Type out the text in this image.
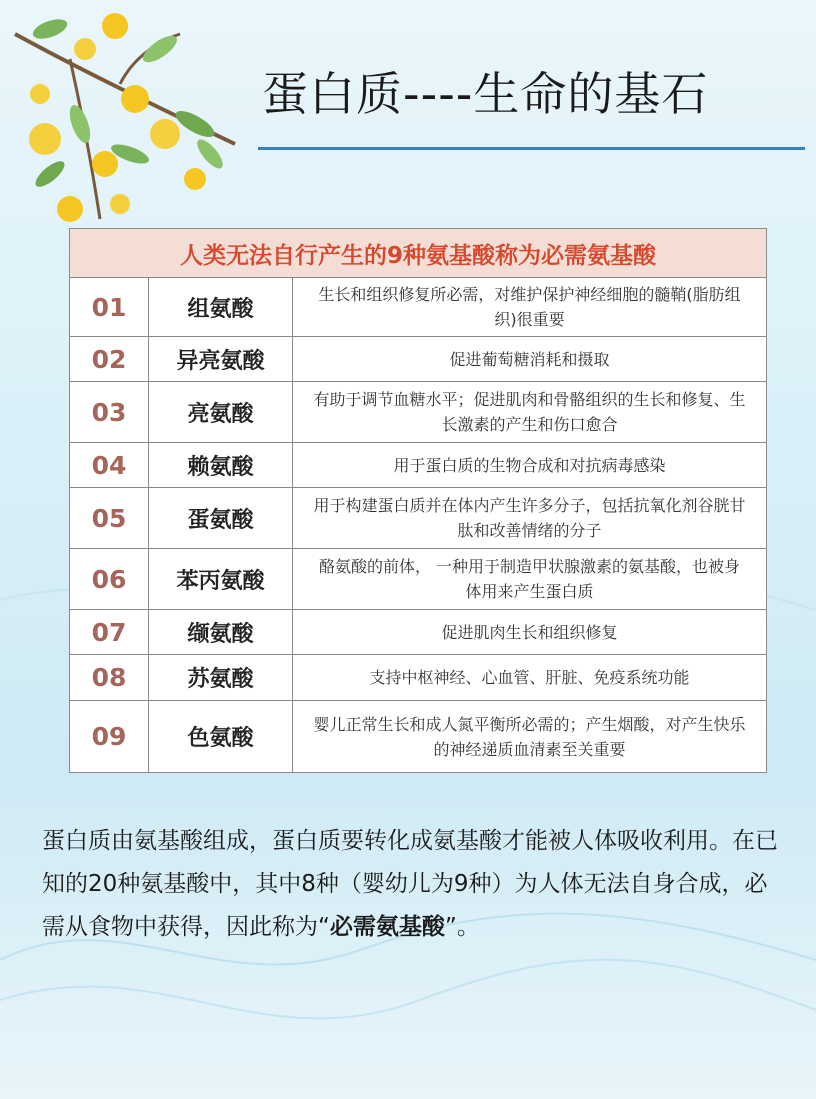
蛋白质----生命的基石
人类无法自行产生的9种氨基酸称为必需氨基酸		
01	组氨酸	生长和组织修复所必需，对维护保护神经细胞的髓鞘(脂肪组织)很重要
02	异亮氨酸	促进葡萄糖消耗和摄取
03	亮氨酸	有助于调节血糖水平；促进肌肉和骨骼组织的生长和修复、生长激素的产生和伤口愈合
04	赖氨酸	用于蛋白质的生物合成和对抗病毒感染
05	蛋氨酸	用于构建蛋白质并在体内产生许多分子，包括抗氧化剂谷胱甘肽和改善情绪的分子
06	苯丙氨酸	酪氨酸的前体， 一种用于制造甲状腺激素的氨基酸，也被身体用来产生蛋白质
07	缬氨酸	促进肌肉生长和组织修复
08	苏氨酸	支持中枢神经、心血管、肝脏、免疫系统功能
09	色氨酸	婴儿正常生长和成人氮平衡所必需的；产生烟酸，对产生快乐的神经递质血清素至关重要
蛋白质由氨基酸组成，蛋白质要转化成氨基酸才能被人体吸收利用。在已知的20种氨基酸中，其中8种（婴幼儿为9种）为人体无法自身合成，必需从食物中获得，因此称为“必需氨基酸”。
